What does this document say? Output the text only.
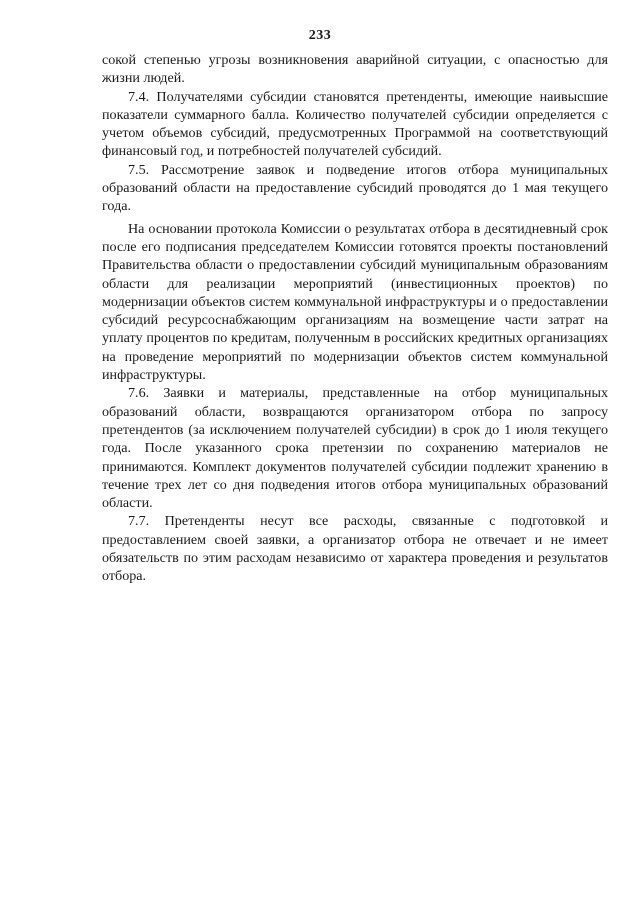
233

сокой степенью угрозы возникновения аварийной ситуации, с опасностью для жизни людей.

7.4. Получателями субсидии становятся претенденты, имеющие наивысшие показатели суммарного балла. Количество получателей субсидии определяется с учетом объемов субсидий, предусмотренных Программой на соответствующий финансовый год, и потребностей получателей субсидий.

7.5. Рассмотрение заявок и подведение итогов отбора муниципальных образований области на предоставление субсидий проводятся до 1 мая текущего года.

На основании протокола Комиссии о результатах отбора в десятидневный срок после его подписания председателем Комиссии готовятся проекты постановлений Правительства области о предоставлении субсидий муниципальным образованиям области для реализации мероприятий (инвестиционных проектов) по модернизации объектов систем коммунальной инфраструктуры и о предоставлении субсидий ресурсоснабжающим организациям на возмещение части затрат на уплату процентов по кредитам, полученным в российских кредитных организациях на проведение мероприятий по модернизации объектов систем коммунальной инфраструктуры.

7.6. Заявки и материалы, представленные на отбор муниципальных образований области, возвращаются организатором отбора по запросу претендентов (за исключением получателей субсидии) в срок до 1 июля текущего года. После указанного срока претензии по сохранению материалов не принимаются. Комплект документов получателей субсидии подлежит хранению в течение трех лет со дня подведения итогов отбора муниципальных образований области.

7.7. Претенденты несут все расходы, связанные с подготовкой и предоставлением своей заявки, а организатор отбора не отвечает и не имеет обязательств по этим расходам независимо от характера проведения и результатов отбора.
